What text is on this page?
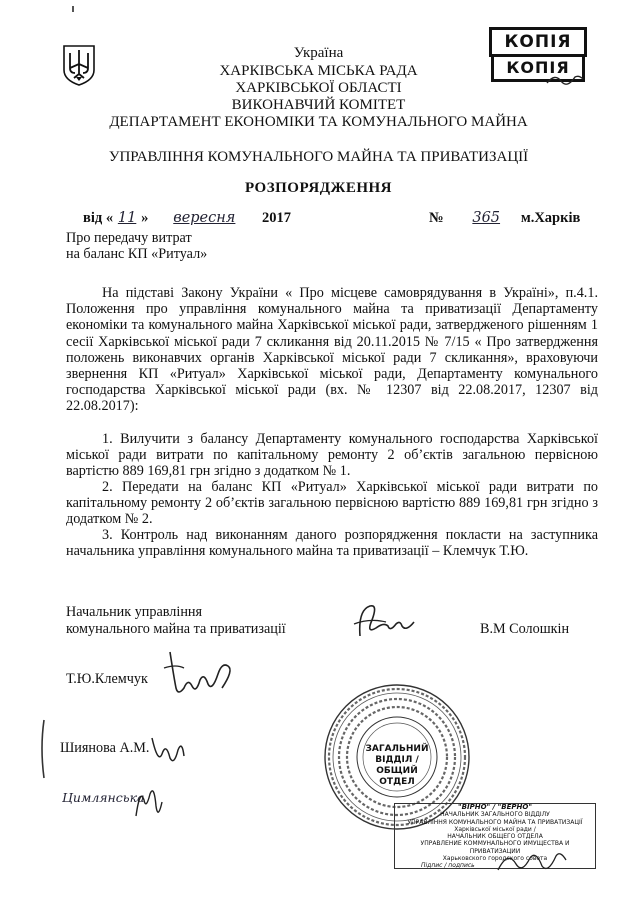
Україна
ХАРКІВСЬКА МІСЬКА РАДА
ХАРКІВСЬКОЇ ОБЛАСТІ
ВИКОНАВЧИЙ КОМІТЕТ
ДЕПАРТАМЕНТ ЕКОНОМІКИ ТА КОМУНАЛЬНОГО МАЙНА
КОПІЯ
КОПІЯ
УПРАВЛІННЯ КОМУНАЛЬНОГО МАЙНА ТА ПРИВАТИЗАЦІЇ
РОЗПОРЯДЖЕННЯ
від « 11 » вересня 2017	№ 365 м.Харків
Про передачу витрат
на баланс КП «Ритуал»
На підставі Закону України « Про місцеве самоврядування в Україні», п.4.1. Положення про управління комунального майна та приватизації Департаменту економіки та комунального майна Харківської міської ради, затвердженого рішенням 1 сесії Харківської міської ради 7 скликання від 20.11.2015 № 7/15 « Про затвердження положень виконавчих органів Харківської міської ради 7 скликання», враховуючи звернення КП «Ритуал» Харківської міської ради, Департаменту комунального господарства Харківської міської ради (вх. № 12307 від 22.08.2017, 12307 від 22.08.2017):
1. Вилучити з балансу Департаменту комунального господарства Харківської міської ради витрати по капітальному ремонту 2 об’єктів загальною первісною вартістю 889 169,81 грн згідно з додатком № 1.
2. Передати на баланс КП «Ритуал» Харківської міської ради витрати по капітальному ремонту 2 об’єктів загальною первісною вартістю 889 169,81 грн згідно з додатком № 2.
3. Контроль над виконанням даного розпорядження покласти на заступника начальника управління комунального майна та приватизації – Клемчук Т.Ю.
Начальник управління
комунального майна та приватизації	В.М Солошкін
Т.Ю.Клемчук
Шиянова А.М.
Цимлянська
ЗАГАЛЬНИЙ
ВІДДІЛ /
ОБЩИЙ ОТДЕЛ
"ВІРНО" / "ВЕРНО"
НАЧАЛЬНИК ЗАГАЛЬНОГО ВІДДІЛУ
УПРАВЛІННЯ КОМУНАЛЬНОГО МАЙНА ТА ПРИВАТИЗАЦІЇ
Харківської міської ради /
НАЧАЛЬНИК ОБЩЕГО ОТДЕЛА
УПРАВЛЕНИЕ КОММУНАЛЬНОГО ИМУЩЕСТВА И ПРИВАТИЗАЦИИ
Харьковского городского совета
Підпис / подпись
